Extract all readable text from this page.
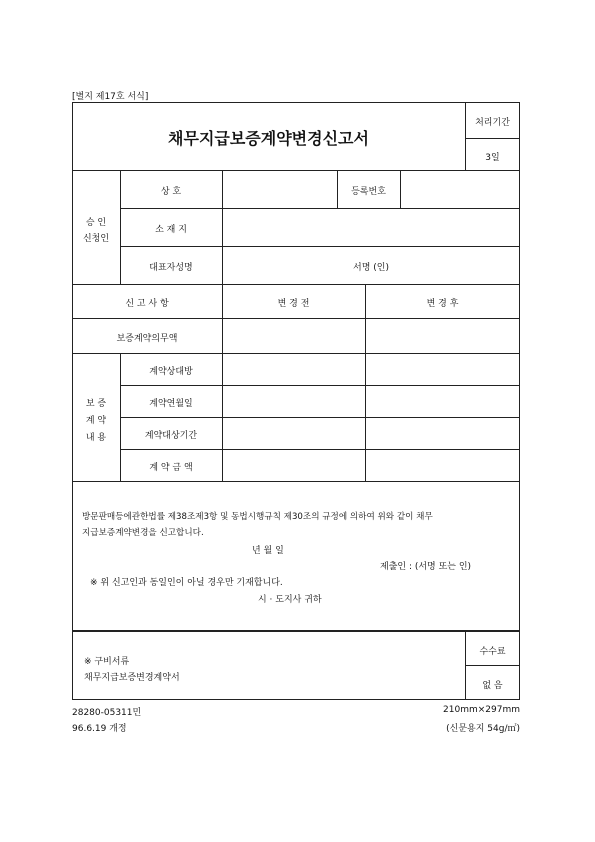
[별지 제17호 서식]
채무지급보증계약변경신고서
처리기간
3일
승 인
신청인
상 호	등록번호
소 재 지
대표자성명	서명 (인)
신 고 사 항	변 경 전	변 경 후
보증계약의무액
보 증
계 약
내 용
계약상대방
계약연월일
계약대상기간
계 약 금 액
방문판매등에관한법률 제38조제3항 및 동법시행규칙 제30조의 규정에 의하여 위와 같이 채무
지급보증계약변경을 신고합니다.
년 월 일
제출인 : (서명 또는 인)
※ 위 신고인과 동일인이 아닐 경우만 기재합니다.
시 · 도지사 귀하
※ 구비서류
채무지급보증변경계약서
수수료
없 음
28280-05311민
96.6.19 개정
210mm×297mm
(신문용지 54g/㎡)
